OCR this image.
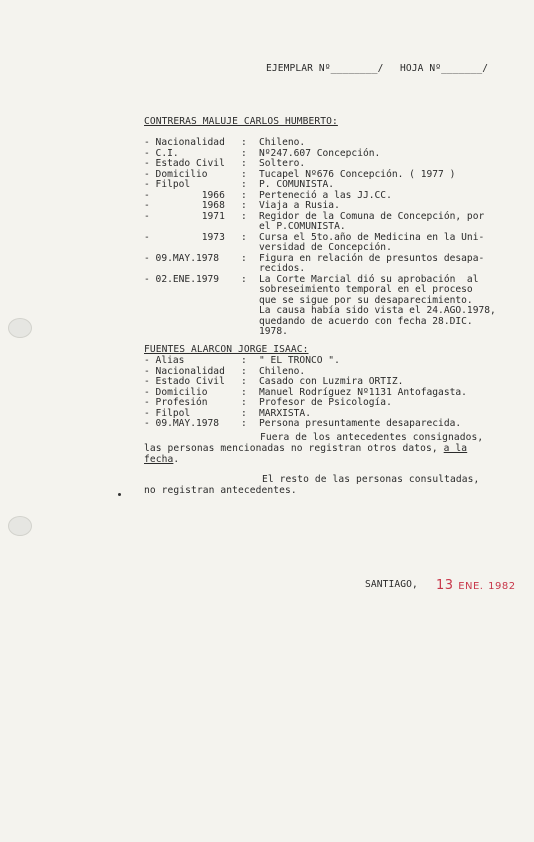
EJEMPLAR Nº________/ HOJA Nº_______/
CONTRERAS MALUJE CARLOS HUMBERTO:
- Nacionalidad : Chileno.
- C.I.	: Nº247.607 Concepción.
- Estado Civil : Soltero.
- Domicilio	: Tucapel Nº676 Concepción. ( 1977 )
- Filpol	: P. COMUNISTA.
-         1966 : Perteneció a las JJ.CC.
-         1968 : Viaja a Rusia.
-         1971 : Regidor de la Comuna de Concepción, por
el P.COMUNISTA.
-         1973 : Cursa el 5to.año de Medicina en la Uni-
versidad de Concepción.
- 09.MAY.1978 : Figura en relación de presuntos desapa-
recidos.
- 02.ENE.1979 : La Corte Marcial dió su aprobación  al
sobreseimiento temporal en el proceso
que se sigue por su desaparecimiento.
La causa había sido vista el 24.AGO.1978,
quedando de acuerdo con fecha 28.DIC.
1978.
FUENTES ALARCON JORGE ISAAC:
- Alias	: " EL TRONCO ".
- Nacionalidad : Chileno.
- Estado Civil : Casado con Luzmira ORTIZ.
- Domicilio	: Manuel Rodríguez Nº1131 Antofagasta.
- Profesión	: Profesor de Psicología.
- Filpol	: MARXISTA.
- 09.MAY.1978 : Persona presuntamente desaparecida.
Fuera de los antecedentes consignados,
las personas mencionadas no registran otros datos, a la
fecha.
El resto de las personas consultadas,
no registran antecedentes.
SANTIAGO, 13 ENE. 1982
